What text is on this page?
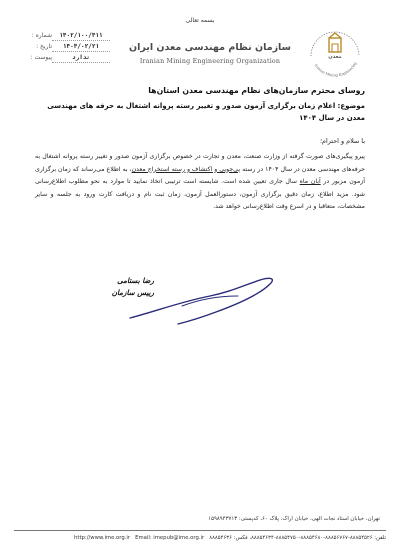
بسمه تعالی
شماره :	۱۴۰۲/۱۰۰/۴۱۱
تاریخ :	۱۴۰۴/۰۲/۲۱
پیوست :	ندارد
سازمان نظام مهندسی معدن ایران
Iranian Mining Engineering Organization
معدن
Iranian Mining Engineering
روسای محترم سازمان‌های نظام مهندسی معدن استان‌ها
موضوع: اعلام زمان برگزاری آزمون صدور و تغییر رسته پروانه اشتغال به حرفه های مهندسی معدن در سال ۱۴۰۴
با سلام و احترام؛
پیرو پیگیری‌های صورت گرفته از وزارت صنعت، معدن و تجارت در خصوص برگزاری آزمون صدور و تغییر رسته پروانه اشتغال به حرفه‌های مهندسی معدن در سال ۱۴۰۴ در رسته پی‌جویی و اکتشاف و رسته استخراج معدن، به اطلاع می‌رساند که زمان برگزاری آزمون مزبور در آبان ماه سال جاری تعیین شده است. شایسته است ترتیبی اتخاذ نمایید تا موارد به نحو مطلوب اطلاع‌رسانی شود. مزید اطلاع، زمان دقیق برگزاری آزمون، دستورالعمل آزمون، زمان ثبت نام و دریافت کارت ورود به جلسه و سایر مشخصات، متعاقبا و در اسرع وقت اطلاع‌رسانی خواهد شد.
رضا بستامی
رییس سازمان
تهران، خیابان استاد نجات الهی، خیابان اراک، پلاک ۶۰، کدپستی: ۱۵۹۸۹۴۳۷۱۳
http://www.ime.org.ir Email: imepub@ime.org.ir تلفن: ۸۸۸۵۴۵۲۶-۸۸۸۵۶۷۶۷-۸۸۸۵۴۶۸۰-۸۸۸۵۴۷۵۰-۸۸۸۵۴۶۳۴، فکس: ۸۸۸۵۴۶۳۶
